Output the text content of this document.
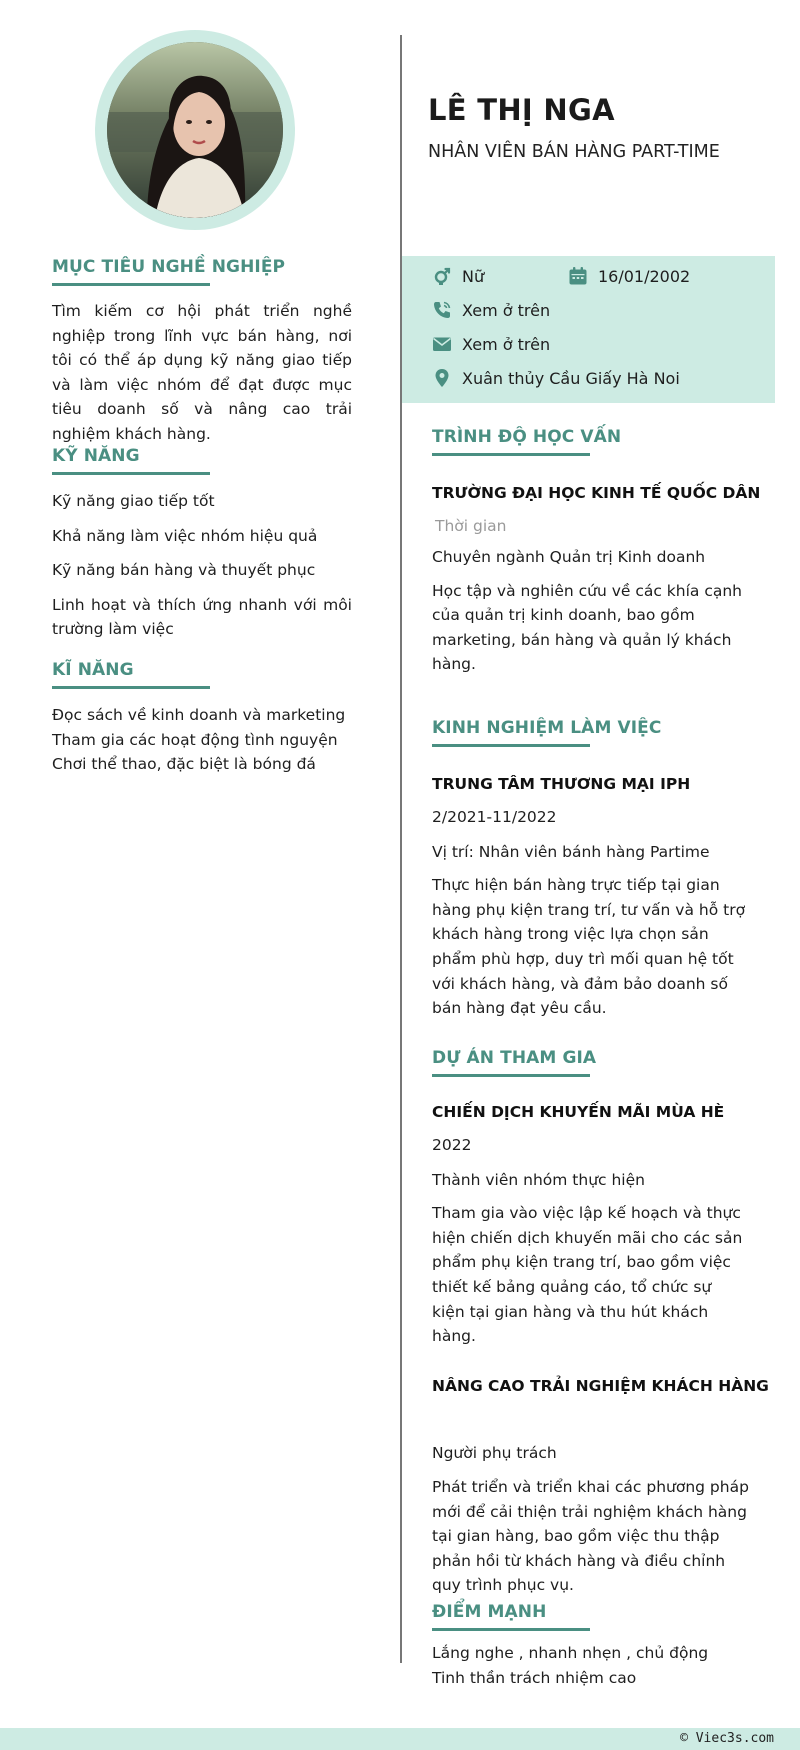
MỤC TIÊU NGHỀ NGHIỆP
Tìm kiếm cơ hội phát triển nghề nghiệp trong lĩnh vực bán hàng, nơi tôi có thể áp dụng kỹ năng giao tiếp và làm việc nhóm để đạt được mục tiêu doanh số và nâng cao trải nghiệm khách hàng.
KỸ NĂNG
Kỹ năng giao tiếp tốt
Khả năng làm việc nhóm hiệu quả
Kỹ năng bán hàng và thuyết phục
Linh hoạt và thích ứng nhanh với môi trường làm việc
KĨ NĂNG
Đọc sách về kinh doanh và marketing
Tham gia các hoạt động tình nguyện
Chơi thể thao, đặc biệt là bóng đá
LÊ THỊ NGA
NHÂN VIÊN BÁN HÀNG PART-TIME
Nữ	16/01/2002
Xem ở trên
Xem ở trên
Xuân thủy Cầu Giấy Hà Noi
TRÌNH ĐỘ HỌC VẤN
TRƯỜNG ĐẠI HỌC KINH TẾ QUỐC DÂN
Thời gian
Chuyên ngành Quản trị Kinh doanh
Học tập và nghiên cứu về các khía cạnh của quản trị kinh doanh, bao gồm marketing, bán hàng và quản lý khách hàng.
KINH NGHIỆM LÀM VIỆC
TRUNG TÂM THƯƠNG MẠI IPH
2/2021-11/2022
Vị trí: Nhân viên bánh hàng Partime
Thực hiện bán hàng trực tiếp tại gian hàng phụ kiện trang trí, tư vấn và hỗ trợ khách hàng trong việc lựa chọn sản phẩm phù hợp, duy trì mối quan hệ tốt với khách hàng, và đảm bảo doanh số bán hàng đạt yêu cầu.
DỰ ÁN THAM GIA
CHIẾN DỊCH KHUYẾN MÃI MÙA HÈ
2022
Thành viên nhóm thực hiện
Tham gia vào việc lập kế hoạch và thực hiện chiến dịch khuyến mãi cho các sản phẩm phụ kiện trang trí, bao gồm việc thiết kế bảng quảng cáo, tổ chức sự kiện tại gian hàng và thu hút khách hàng.
NÂNG CAO TRẢI NGHIỆM KHÁCH HÀNG
Người phụ trách
Phát triển và triển khai các phương pháp mới để cải thiện trải nghiệm khách hàng tại gian hàng, bao gồm việc thu thập phản hồi từ khách hàng và điều chỉnh quy trình phục vụ.
ĐIỂM MẠNH
Lắng nghe , nhanh nhẹn , chủ động
Tinh thần trách nhiệm cao
© Viec3s.com
